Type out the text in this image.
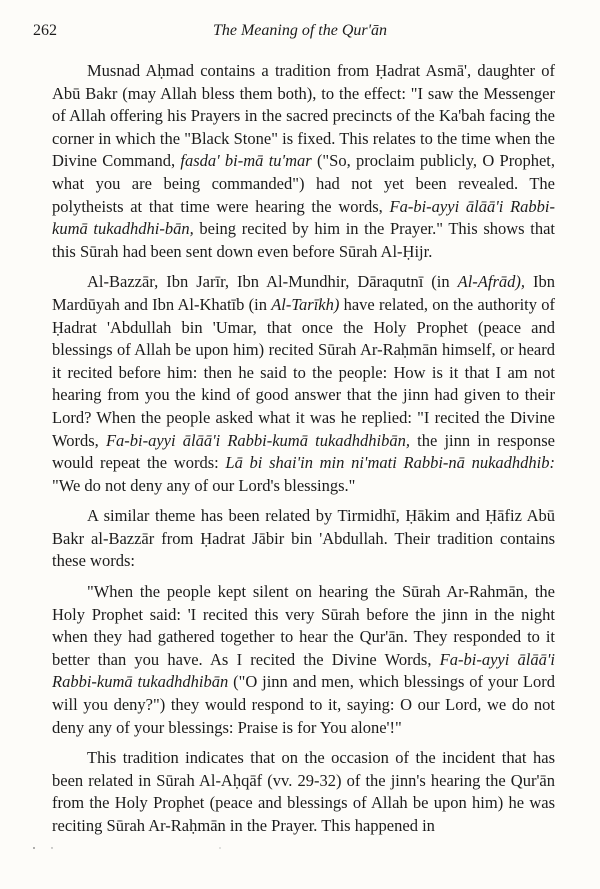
262	The Meaning of the Qur'ān

Musnad Aḥmad contains a tradition from Ḥadrat Asmā', daughter of Abū Bakr (may Allah bless them both), to the effect: "I saw the Messenger of Allah offering his Prayers in the sacred precincts of the Ka'bah facing the corner in which the "Black Stone" is fixed. This relates to the time when the Divine Command, fasda' bi-mā tu'mar ("So, proclaim publicly, O Prophet, what you are being commanded") had not yet been revealed. The polytheists at that time were hearing the words, Fa-bi-ayyi ālāā'i Rabbi-kumā tukadhdhi-bān, being recited by him in the Prayer." This shows that this Sūrah had been sent down even before Sūrah Al-Ḥijr.

Al-Bazzār, Ibn Jarīr, Ibn Al-Mundhir, Dāraqutnī (in Al-Afrād), Ibn Mardūyah and Ibn Al-Khatīb (in Al-Tarīkh) have related, on the authority of Ḥadrat 'Abdullah bin 'Umar, that once the Holy Prophet (peace and blessings of Allah be upon him) recited Sūrah Ar-Raḥmān himself, or heard it recited before him: then he said to the people: How is it that I am not hearing from you the kind of good answer that the jinn had given to their Lord? When the people asked what it was he replied: "I recited the Divine Words, Fa-bi-ayyi ālāā'i Rabbi-kumā tukadhdhibān, the jinn in response would repeat the words: Lā bi shai'in min ni'mati Rabbi-nā nukadhdhib: "We do not deny any of our Lord's blessings."

A similar theme has been related by Tirmidhī, Ḥākim and Ḥāfiz Abū Bakr al-Bazzār from Ḥadrat Jābir bin 'Abdullah. Their tradition contains these words:

"When the people kept silent on hearing the Sūrah Ar-Rahmān, the Holy Prophet said: 'I recited this very Sūrah before the jinn in the night when they had gathered together to hear the Qur'ān. They responded to it better than you have. As I recited the Divine Words, Fa-bi-ayyi ālāā'i Rabbi-kumā tukadhdhibān ("O jinn and men, which blessings of your Lord will you deny?") they would respond to it, saying: O our Lord, we do not deny any of your blessings: Praise is for You alone'!"

This tradition indicates that on the occasion of the incident that has been related in Sūrah Al-Aḥqāf (vv. 29-32) of the jinn's hearing the Qur'ān from the Holy Prophet (peace and blessings of Allah be upon him) he was reciting Sūrah Ar-Raḥmān in the Prayer. This happened in
